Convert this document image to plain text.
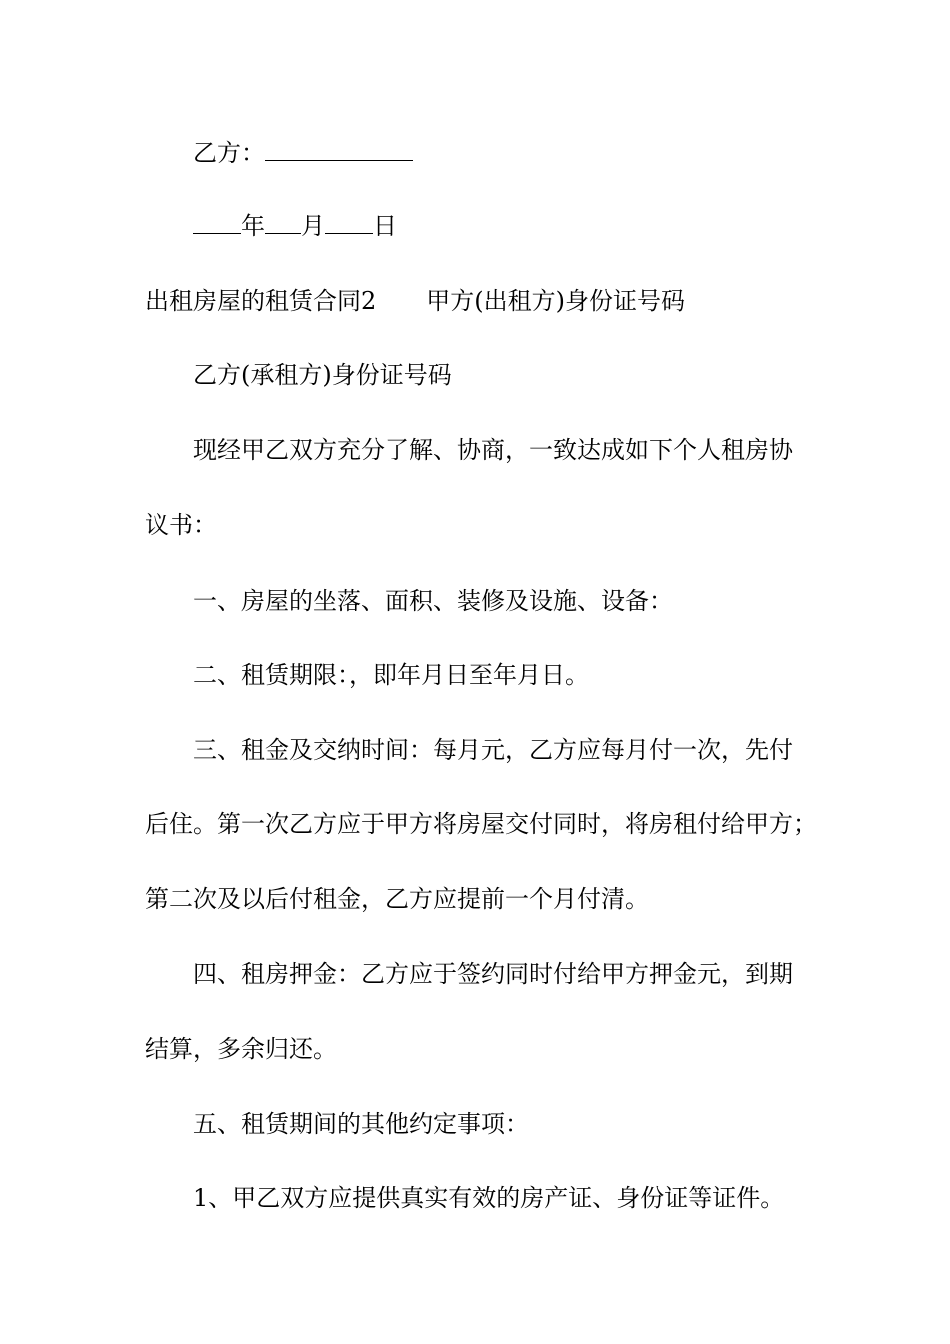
乙方：
年 月 日
出租房屋的租赁合同2 甲方(出租方)身份证号码
乙方(承租方)身份证号码
现经甲乙双方充分了解、协商，一致达成如下个人租房协
议书：
一、房屋的坐落、面积、装修及设施、设备：
二、租赁期限：，即年月日至年月日。
三、租金及交纳时间：每月元，乙方应每月付一次，先付
后住。第一次乙方应于甲方将房屋交付同时，将房租付给甲方；
第二次及以后付租金，乙方应提前一个月付清。
四、租房押金：乙方应于签约同时付给甲方押金元，到期
结算，多余归还。
五、租赁期间的其他约定事项：
1、甲乙双方应提供真实有效的房产证、身份证等证件。
